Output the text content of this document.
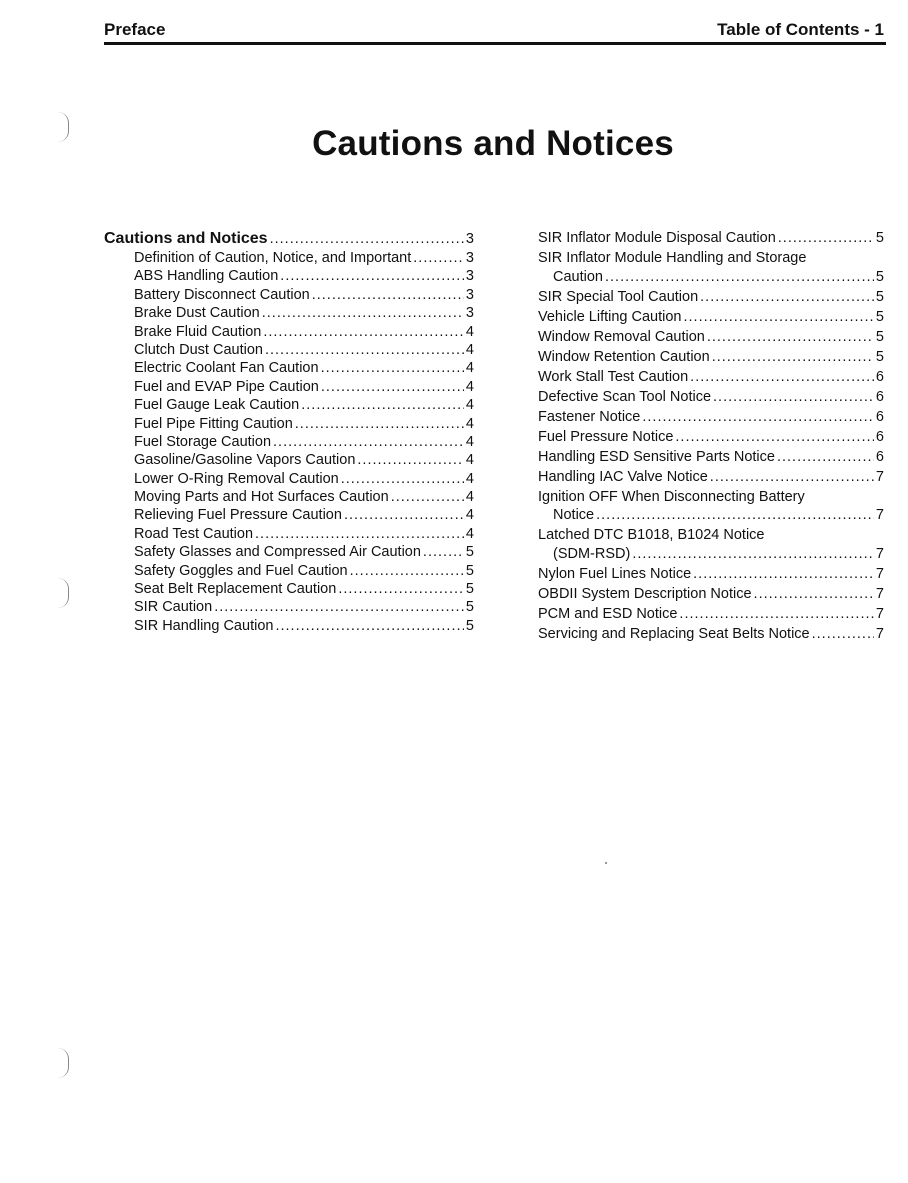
Preface	Table of Contents - 1
Cautions and Notices
Cautions and Notices .....	3
Definition of Caution, Notice, and Important .....	3
ABS Handling Caution .....	3
Battery Disconnect Caution .....	3
Brake Dust Caution .....	3
Brake Fluid Caution .....	4
Clutch Dust Caution .....	4
Electric Coolant Fan Caution .....	4
Fuel and EVAP Pipe Caution .....	4
Fuel Gauge Leak Caution .....	4
Fuel Pipe Fitting Caution .....	4
Fuel Storage Caution .....	4
Gasoline/Gasoline Vapors Caution .....	4
Lower O-Ring Removal Caution .....	4
Moving Parts and Hot Surfaces Caution .....	4
Relieving Fuel Pressure Caution .....	4
Road Test Caution .....	4
Safety Glasses and Compressed Air Caution .....	5
Safety Goggles and Fuel Caution .....	5
Seat Belt Replacement Caution .....	5
SIR Caution .....	5
SIR Handling Caution .....	5
SIR Inflator Module Disposal Caution .....	5
SIR Inflator Module Handling and Storage
Caution .....	5
SIR Special Tool Caution .....	5
Vehicle Lifting Caution .....	5
Window Removal Caution .....	5
Window Retention Caution .....	5
Work Stall Test Caution .....	6
Defective Scan Tool Notice .....	6
Fastener Notice .....	6
Fuel Pressure Notice .....	6
Handling ESD Sensitive Parts Notice .....	6
Handling IAC Valve Notice .....	7
Ignition OFF When Disconnecting Battery
Notice .....	7
Latched DTC B1018, B1024 Notice
(SDM-RSD) .....	7
Nylon Fuel Lines Notice .....	7
OBDII System Description Notice .....	7
PCM and ESD Notice .....	7
Servicing and Replacing Seat Belts Notice .....	7
